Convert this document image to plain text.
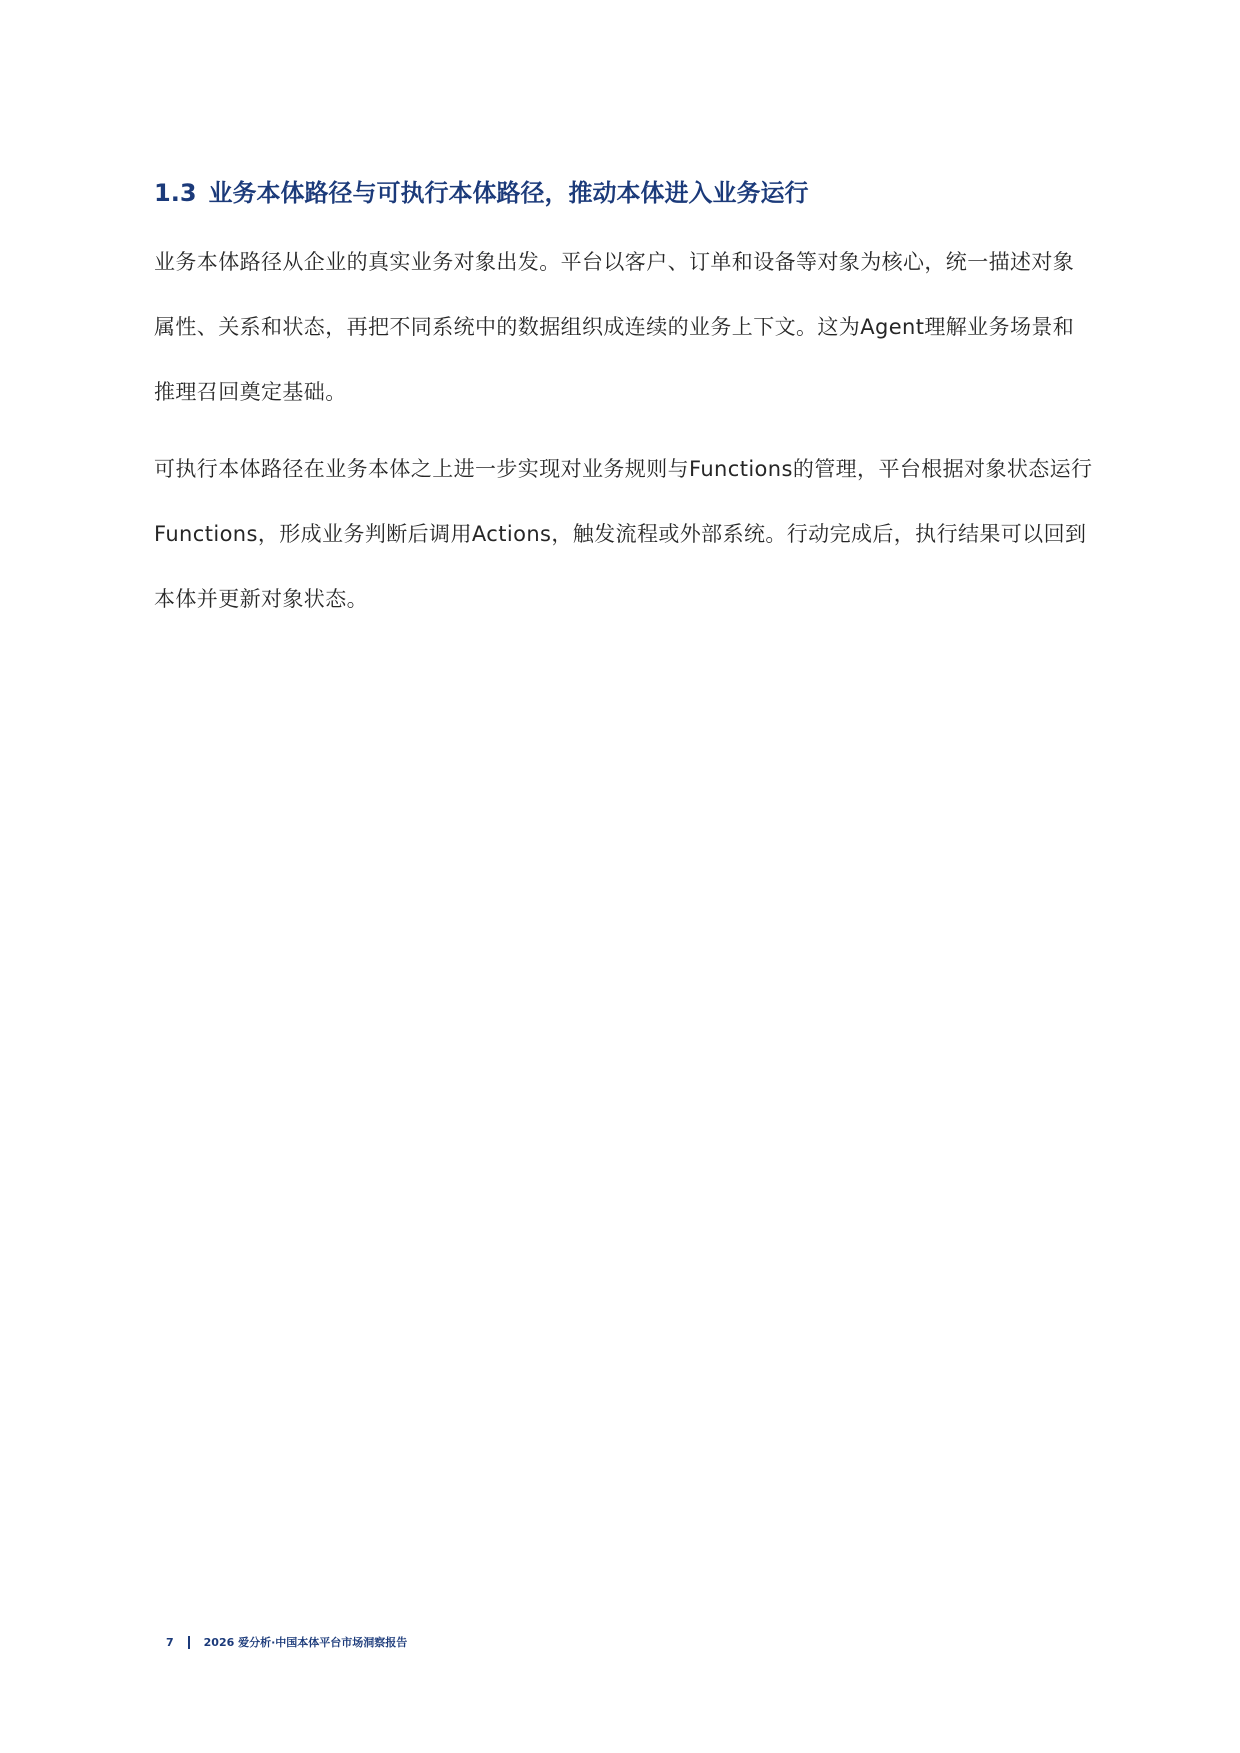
1.3 业务本体路径与可执行本体路径，推动本体进入业务运行

业务本体路径从企业的真实业务对象出发。平台以客户、订单和设备等对象为核心，统一描述对象属性、关系和状态，再把不同系统中的数据组织成连续的业务上下文。这为Agent理解业务场景和推理召回奠定基础。

可执行本体路径在业务本体之上进一步实现对业务规则与Functions的管理，平台根据对象状态运行Functions，形成业务判断后调用Actions，触发流程或外部系统。行动完成后，执行结果可以回到本体并更新对象状态。

7	2026 爱分析·中国本体平台市场洞察报告
